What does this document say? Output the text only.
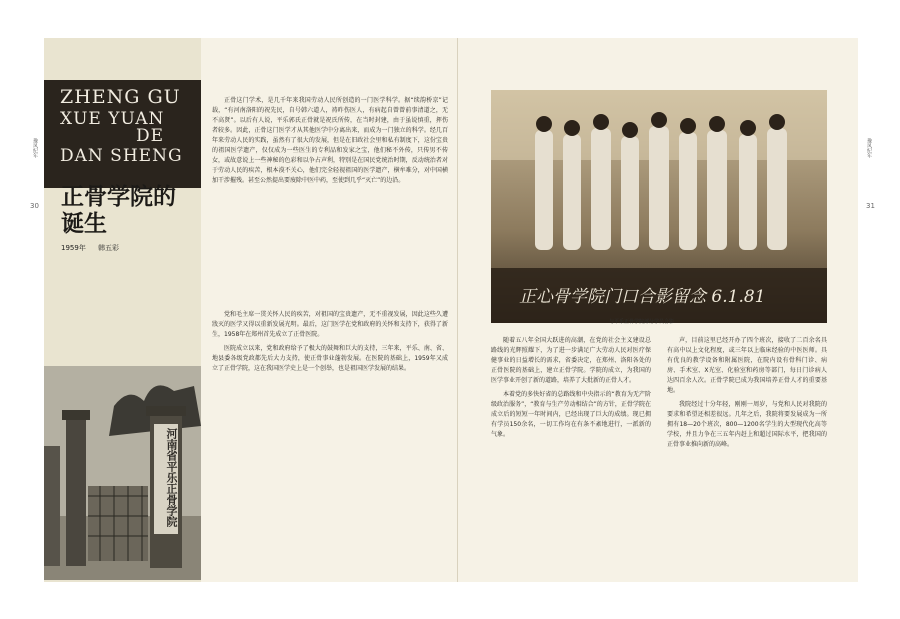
ZHENG GU
XUE YUAN
DE
DAN SHENG
正骨学院的
诞生
1959年 韩五彩
30	31
豫风纪年	豫风纪年

正骨这门学术，是几千年来我国劳动人民所创造的一门医学科学。据“续韵桥京”记载，“有河南洛阳的祝先民，自号韩六道人，祷昨伤医人，有病起自曾曾前事清道之，无不高贤”。以后有人说，平乐郭氏正骨就是祝氏所传，在当时封建，由于虽说慎重，挥伤者较多。因此，正骨这门医学才从其他医学中分离出来，而成为一门独立的科学。经几百年来劳动人民的实践，虽然有了很大的发展，但是在旧政社会里和私有制度下，这份宝贵的祖国医学遗产，仅仅成为一些医生的专利品和发家之宝，他们秘不外传，只传男不传女，或故意说上一些神秘的色彩和以争占声利，特别是在国民党统治时期，反动统治者对于劳动人民的疾苦，根本漠不关心，他们完全轻视祖国的医学遗产，横牟难分，对中国横加干涉摧残。甚至公然提出要废除中医中药，至使到几乎“灭亡”的边沿。

党和毛主席一贯关怀人民的疾苦，对祖国的宝贵遗产，无不重视发展，因此这些久遭戕灭的医学又得以重新发展光明。最后，这门医学在党和政府的关怀和支持下，获得了新生，1958年在郑州首先成立了正骨医院。

医院成立以来，党和政府给予了极大的鼓舞和巨大的支持，三年来，平乐、南、省、地县委各级党政都先后大力支持，使正骨事业蓬勃发展。在医院的基础上，1959年又成立了正骨学院，这在我国医学史上是一个创举，也是祖国医学发展的结果。

河南省平乐正骨学院
正心骨学院门口合影留念 6.1.81
与平乐正骨学院部分学员合影

随着五八年全国大跃进的高潮，在党的社会主义建设总路线的光辉照耀下，为了进一步满足广大劳动人民对医疗保健事业的日益增长的需求，省委决定，在郑州、洛阳各处的正骨医院的基础上，建立正骨学院。学院的成立，为我国的医学事业开创了新的道路，培养了大批新的正骨人才。

本着党的多快好省的总路线和中央指示的“教育为无产阶级政治服务”，“教育与生产劳动相结合”的方针，正骨学院在成立后的短短一年时间内，已经出现了巨大的成绩。现已拥有学员150余名，一切工作均在有条不紊地进行，一派新的气象。

声，目前这里已经开办了四个班次，接收了二百余名具有高中以上文化程度，或三年以上临床经验的中医医师。具有优良的教学设备和附属医院，在院内设有骨科门诊、病房、手术室、X光室、化验室和药房等部门，每日门诊病人达四百余人次。正骨学院已成为我国培养正骨人才的重要基地。

我院经过十分年轻，刚刚一周岁，与党和人民对我院的要求和希望还相差很远。几年之后，我院将要发展成为一所拥有18—20个班次，800—1200名学生的大型现代化高等学校，并且力争在三五年内赶上和超过国际水平，把我国的正骨事业推向新的高峰。
